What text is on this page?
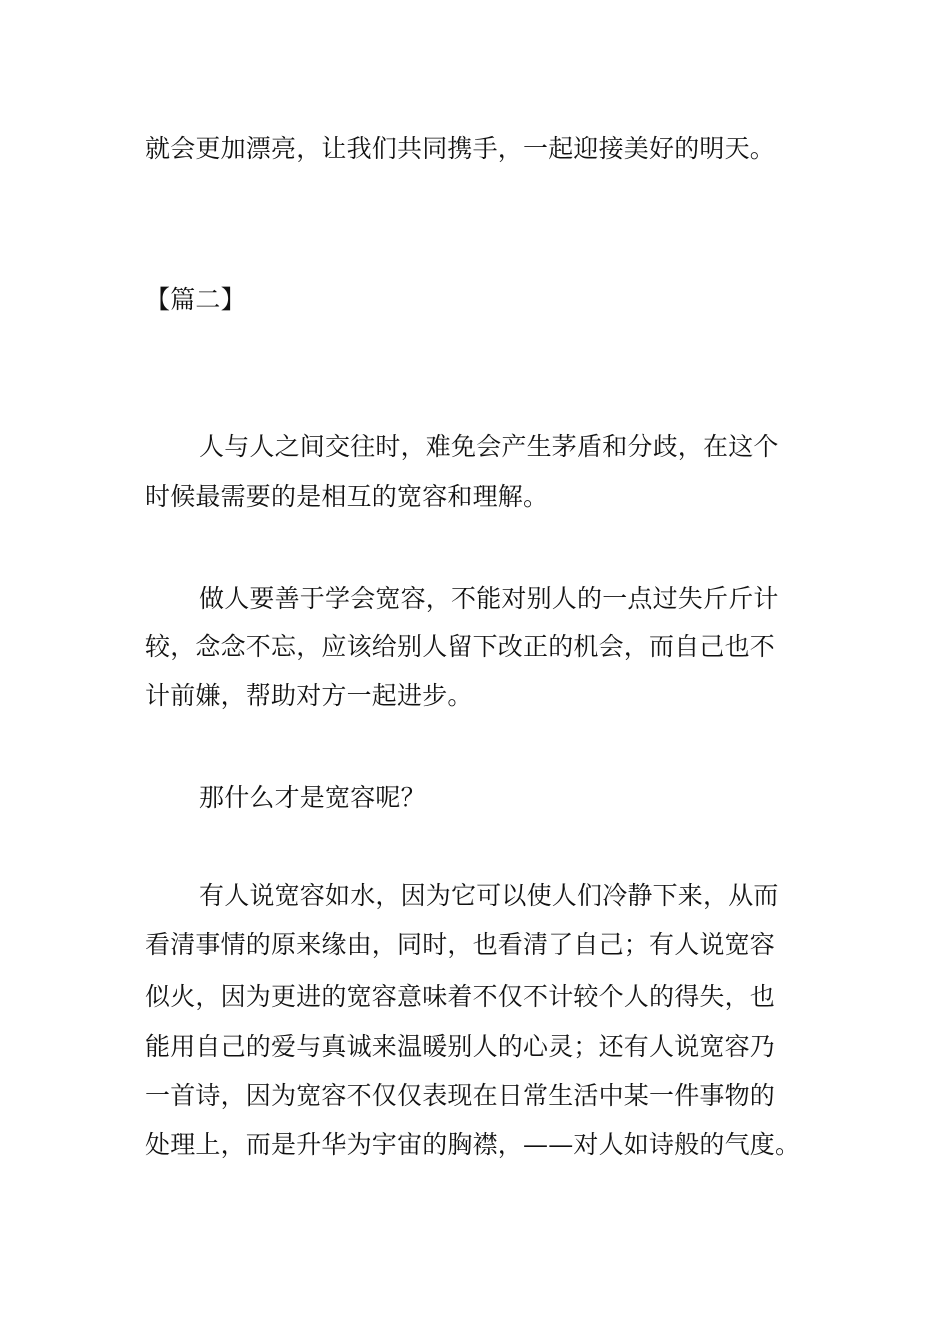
就会更加漂亮，让我们共同携手，一起迎接美好的明天。
【篇二】
人与人之间交往时，难免会产生茅盾和分歧，在这个
时候最需要的是相互的宽容和理解。
做人要善于学会宽容，不能对别人的一点过失斤斤计
较，念念不忘，应该给别人留下改正的机会，而自己也不
计前嫌，帮助对方一起进步。
那什么才是宽容呢？
有人说宽容如水，因为它可以使人们冷静下来，从而
看清事情的原来缘由，同时，也看清了自己；有人说宽容
似火，因为更进的宽容意味着不仅不计较个人的得失，也
能用自己的爱与真诚来温暖别人的心灵；还有人说宽容乃
一首诗，因为宽容不仅仅表现在日常生活中某一件事物的
处理上，而是升华为宇宙的胸襟，——对人如诗般的气度。
